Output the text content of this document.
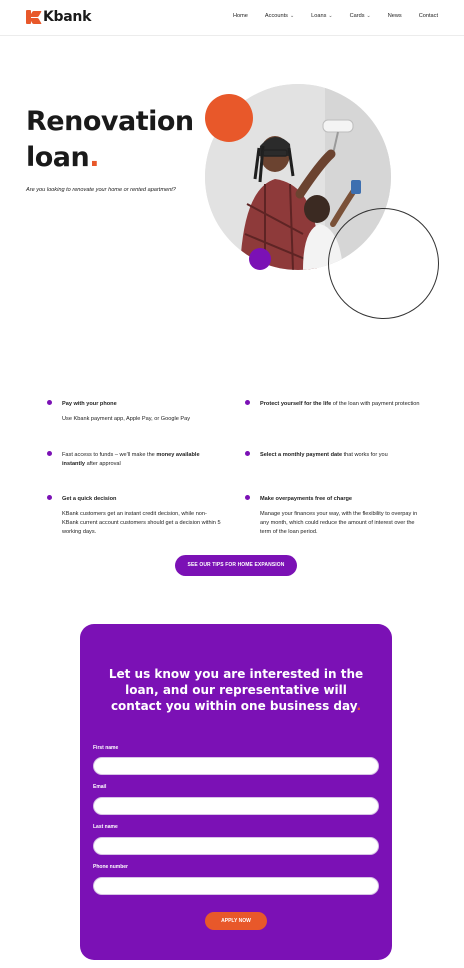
Kbank	Home	Accounts ⌄	Loans ⌄	Cards ⌄	News	Contact
Renovation
loan.

Are you looking to renovate your home or rented apartment?

Pay with your phone
Use Kbank payment app, Apple Pay, or Google Pay
Protect yourself for the life of the loan with payment protection
Fast access to funds – we'll make the money available instantly after approval
Select a monthly payment date that works for you
Get a quick decision
KBank customers get an instant credit decision, while non-KBank current account customers should get a decision within 5 working days.
Make overpayments free of charge
Manage your finances your way, with the flexibility to overpay in any month, which could reduce the amount of interest over the term of the loan period.
SEE OUR TIPS FOR HOME EXPANSION
Let us know you are interested in the loan, and our representative will contact you within one business day.
First name
Email
Last name
Phone number
APPLY NOW
